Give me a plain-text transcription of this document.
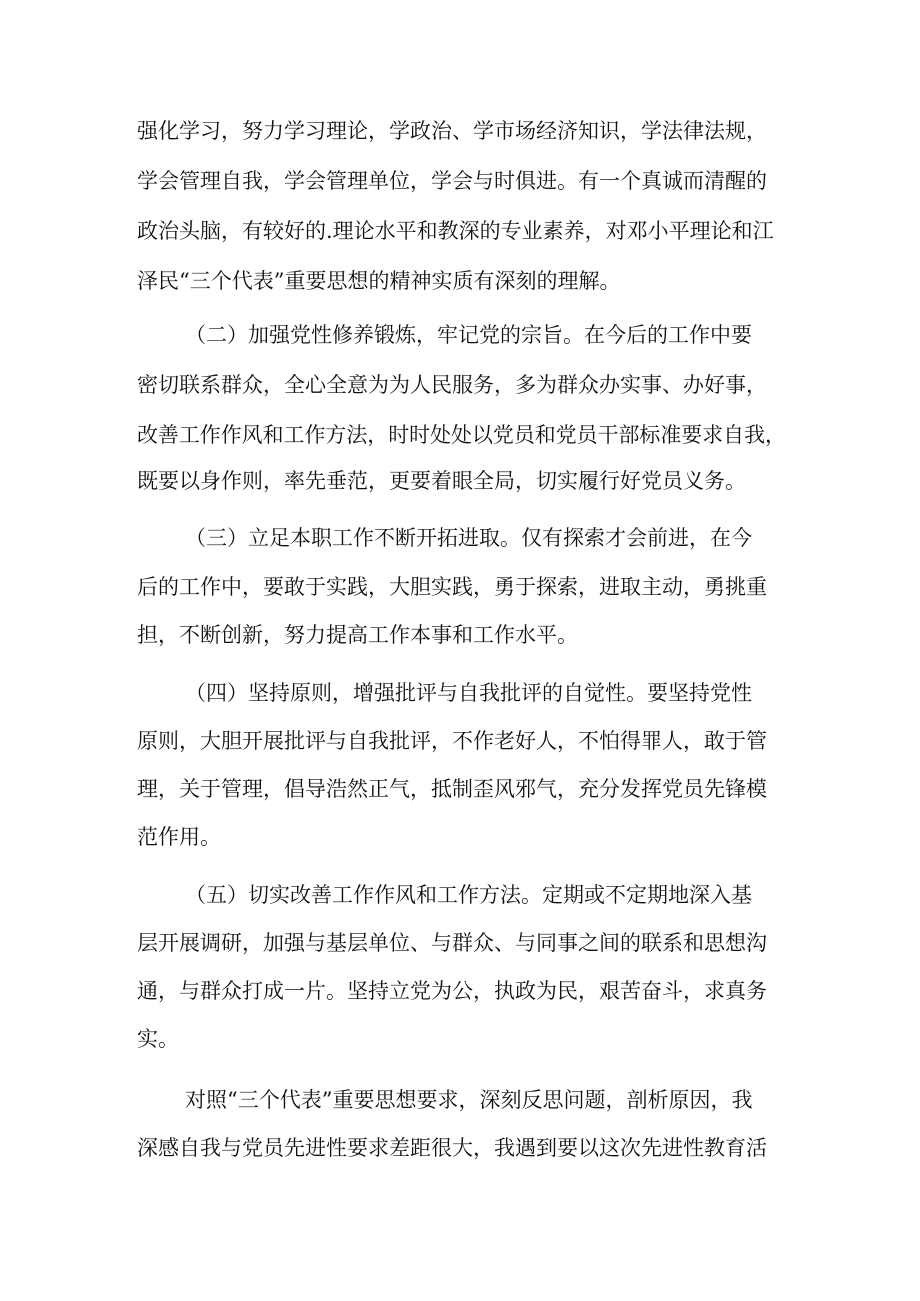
强化学习，努力学习理论，学政治、学市场经济知识，学法律法规，
学会管理自我，学会管理单位，学会与时俱进。有一个真诚而清醒的
政治头脑，有较好的.理论水平和教深的专业素养，对邓小平理论和江
泽民“三个代表”重要思想的精神实质有深刻的理解。
（二）加强党性修养锻炼，牢记党的宗旨。在今后的工作中要
密切联系群众，全心全意为为人民服务，多为群众办实事、办好事，
改善工作作风和工作方法，时时处处以党员和党员干部标准要求自我，
既要以身作则，率先垂范，更要着眼全局，切实履行好党员义务。
（三）立足本职工作不断开拓进取。仅有探索才会前进，在今
后的工作中，要敢于实践，大胆实践，勇于探索，进取主动，勇挑重
担，不断创新，努力提高工作本事和工作水平。
（四）坚持原则，增强批评与自我批评的自觉性。要坚持党性
原则，大胆开展批评与自我批评，不作老好人，不怕得罪人，敢于管
理，关于管理，倡导浩然正气，抵制歪风邪气，充分发挥党员先锋模
范作用。
（五）切实改善工作作风和工作方法。定期或不定期地深入基
层开展调研，加强与基层单位、与群众、与同事之间的联系和思想沟
通，与群众打成一片。坚持立党为公，执政为民，艰苦奋斗，求真务
实。
对照“三个代表”重要思想要求，深刻反思问题，剖析原因，我
深感自我与党员先进性要求差距很大，我遇到要以这次先进性教育活
